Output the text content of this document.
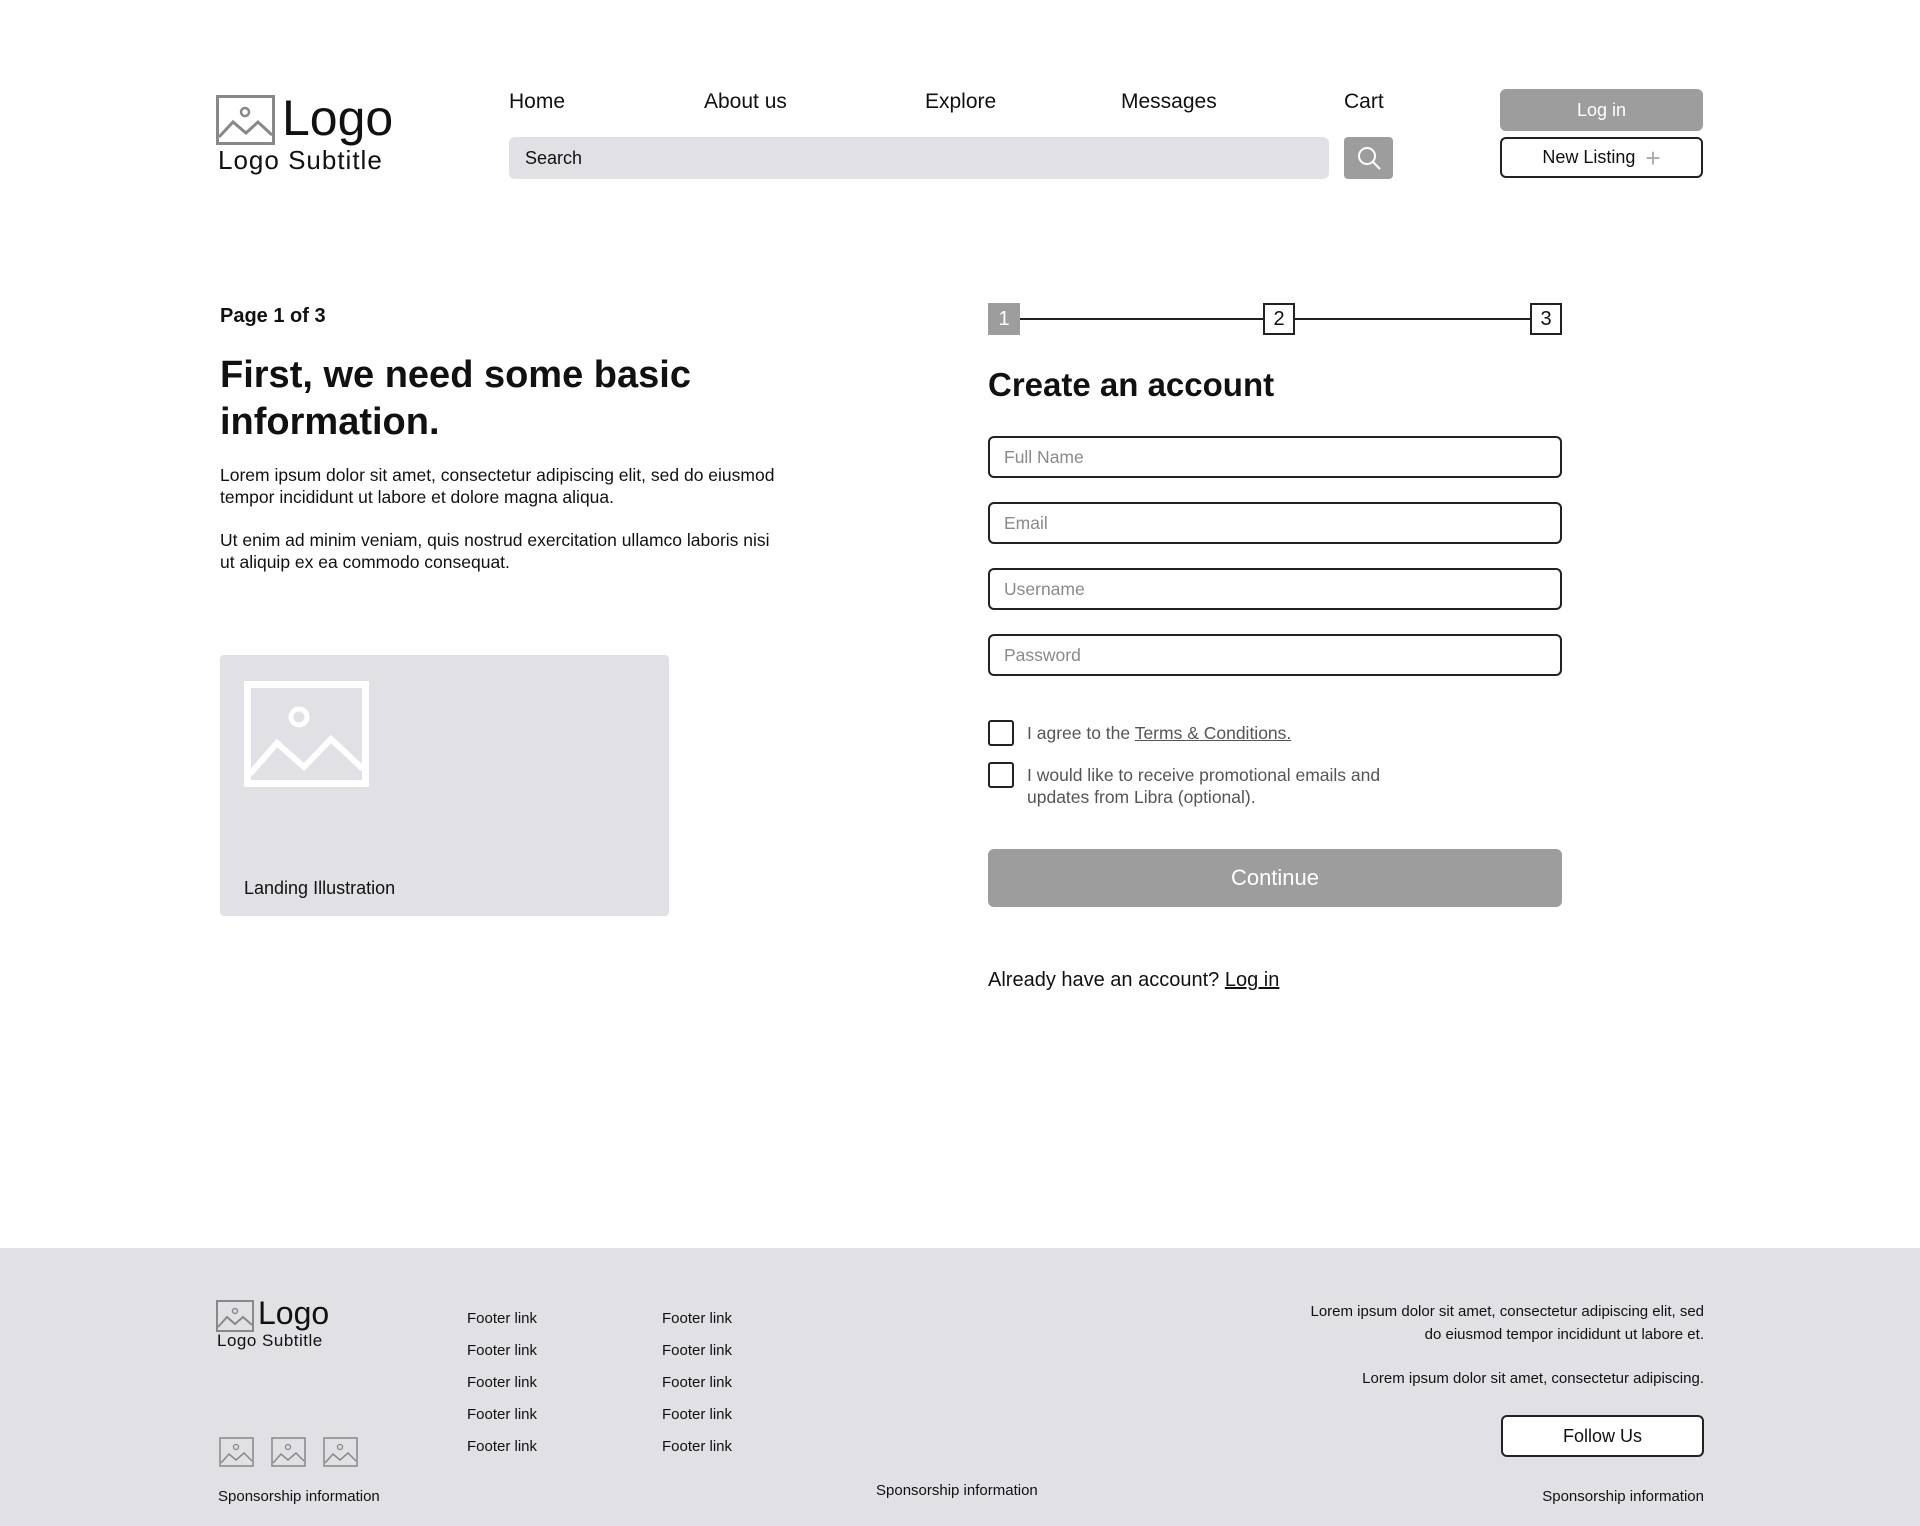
Logo
Logo Subtitle
Home	About us	Explore	Messages	Cart
Search	Log in
New Listing +
Page 1 of 3
First, we need some basic information.

Lorem ipsum dolor sit amet, consectetur adipiscing elit, sed do eiusmod tempor incididunt ut labore et dolore magna aliqua.

Ut enim ad minim veniam, quis nostrud exercitation ullamco laboris nisi ut aliquip ex ea commodo consequat.

Landing Illustration
1	2	3
Create an account
Full Name
Email
Username
I agree to the Terms & Conditions.
I would like to receive promotional emails and updates from Libra (optional).
Continue
Already have an account? Log in
Logo
Logo Subtitle
Footer link
Footer link
Footer link
Footer link
Footer link
Footer link
Footer link
Footer link
Footer link
Footer link

Lorem ipsum dolor sit amet, consectetur adipiscing elit, sed do eiusmod tempor incididunt ut labore et.

Lorem ipsum dolor sit amet, consectetur adipiscing.

Follow Us
Sponsorship information	Sponsorship information	Sponsorship information
